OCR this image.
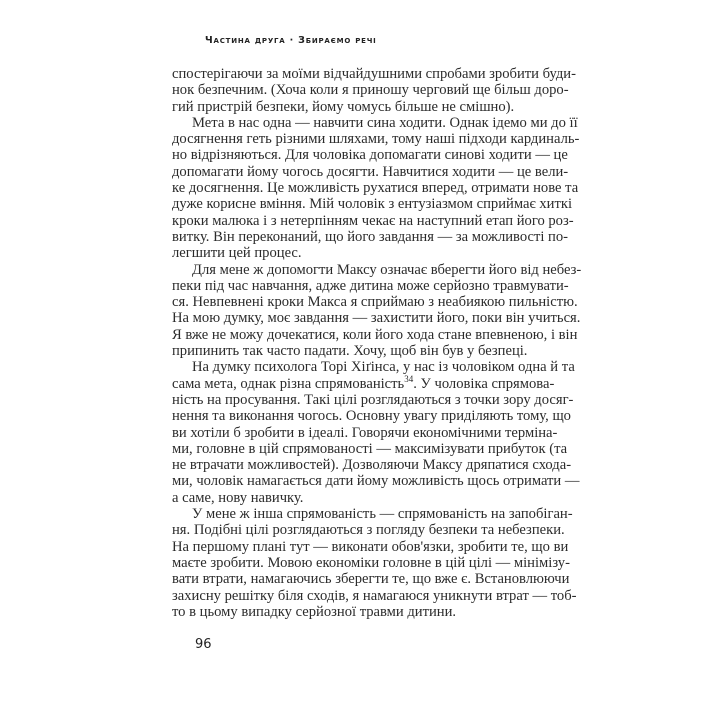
Частина друга · Збираємо речі
спостерігаючи за моїми відчайдушними спробами зробити буди-
нок безпечним. (Хоча коли я приношу черговий ще більш доро-
гий пристрій безпеки, йому чомусь більше не смішно).
Мета в нас одна — навчити сина ходити. Однак ідемо ми до її
досягнення геть різними шляхами, тому наші підходи кардиналь-
но відрізняються. Для чоловіка допомагати синові ходити — це
допомагати йому чогось досягти. Навчитися ходити — це вели-
ке досягнення. Це можливість рухатися вперед, отримати нове та
дуже корисне вміння. Мій чоловік з ентузіазмом сприймає хиткі
кроки малюка і з нетерпінням чекає на наступний етап його роз-
витку. Він переконаний, що його завдання — за можливості по-
легшити цей процес.
Для мене ж допомогти Максу означає вберегти його від небез-
пеки під час навчання, адже дитина може серйозно травмувати-
ся. Невпевнені кроки Макса я сприймаю з неабиякою пильністю.
На мою думку, моє завдання — захистити його, поки він учиться.
Я вже не можу дочекатися, коли його хода стане впевненою, і він
припинить так часто падати. Хочу, щоб він був у безпеці.
На думку психолога Торі Хіґінса, у нас із чоловіком одна й та
сама мета, однак різна спрямованість$^{34}$. У чоловіка спрямова-
ність на просування. Такі цілі розглядаються з точки зору досяг-
нення та виконання чогось. Основну увагу приділяють тому, що
ви хотіли б зробити в ідеалі. Говорячи економічними терміна-
ми, головне в цій спрямованості — максимізувати прибуток (та
не втрачати можливостей). Дозволяючи Максу дряпатися схода-
ми, чоловік намагається дати йому можливість щось отримати —
а саме, нову навичку.
У мене ж інша спрямованість — спрямованість на запобіган-
ня. Подібні цілі розглядаються з погляду безпеки та небезпеки.
На першому плані тут — виконати обов'язки, зробити те, що ви
маєте зробити. Мовою економіки головне в цій цілі — мінімізу-
вати втрати, намагаючись зберегти те, що вже є. Встановлюючи
захисну решітку біля сходів, я намагаюся уникнути втрат — тоб-
то в цьому випадку серйозної травми дитини.
96
